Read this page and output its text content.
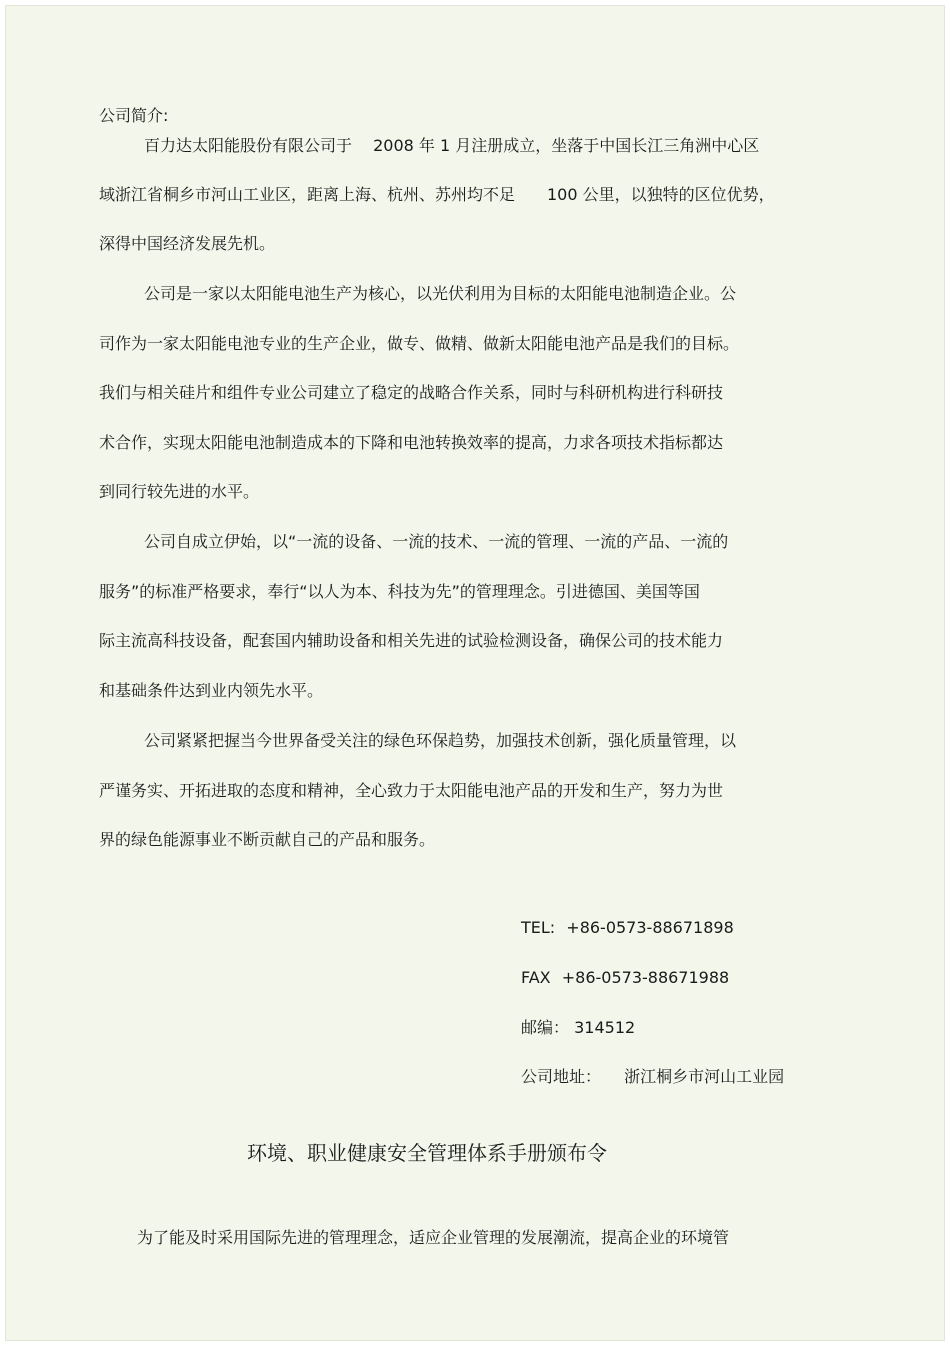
公司简介:
百力达太阳能股份有限公司于　 2008 年 1 月注册成立，坐落于中国长江三角洲中心区
域浙江省桐乡市河山工业区，距离上海、杭州、苏州均不足　　100 公里，以独特的区位优势，
深得中国经济发展先机。
公司是一家以太阳能电池生产为核心，以光伏利用为目标的太阳能电池制造企业。公
司作为一家太阳能电池专业的生产企业，做专、做精、做新太阳能电池产品是我们的目标。
我们与相关硅片和组件专业公司建立了稳定的战略合作关系，同时与科研机构进行科研技
术合作，实现太阳能电池制造成本的下降和电池转换效率的提高，力求各项技术指标都达
到同行较先进的水平。
公司自成立伊始，以“一流的设备、一流的技术、一流的管理、一流的产品、一流的
服务”的标准严格要求，奉行“以人为本、科技为先”的管理理念。引进德国、美国等国
际主流高科技设备，配套国内辅助设备和相关先进的试验检测设备，确保公司的技术能力
和基础条件达到业内领先水平。
公司紧紧把握当今世界备受关注的绿色环保趋势，加强技术创新，强化质量管理，以
严谨务实、开拓进取的态度和精神，全心致力于太阳能电池产品的开发和生产，努力为世
界的绿色能源事业不断贡献自己的产品和服务。
TEL: +86-0573-88671898
FAX +86-0573-88671988
邮编： 314512
公司地址： 浙江桐乡市河山工业园
环境、职业健康安全管理体系手册颁布令
为了能及时采用国际先进的管理理念，适应企业管理的发展潮流，提高企业的环境管
